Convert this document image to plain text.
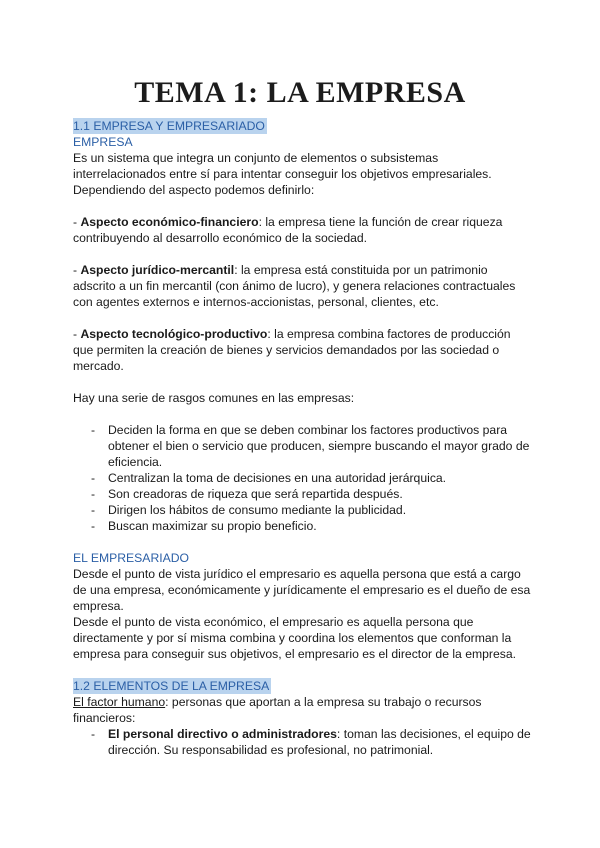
TEMA 1: LA EMPRESA
1.1 EMPRESA Y EMPRESARIADO

EMPRESA

Es un sistema que integra un conjunto de elementos o subsistemas interrelacionados entre sí para intentar conseguir los objetivos empresariales. Dependiendo del aspecto podemos definirlo:

- Aspecto económico-financiero: la empresa tiene la función de crear riqueza contribuyendo al desarrollo económico de la sociedad.

- Aspecto jurídico-mercantil: la empresa está constituida por un patrimonio adscrito a un fin mercantil (con ánimo de lucro), y genera relaciones contractuales con agentes externos e internos-accionistas, personal, clientes, etc.

- Aspecto tecnológico-productivo: la empresa combina factores de producción que permiten la creación de bienes y servicios demandados por las sociedad o mercado.

Hay una serie de rasgos comunes en las empresas:

- Deciden la forma en que se deben combinar los factores productivos para obtener el bien o servicio que producen, siempre buscando el mayor grado de eficiencia.
- Centralizan la toma de decisiones en una autoridad jerárquica.
- Son creadoras de riqueza que será repartida después.
- Dirigen los hábitos de consumo mediante la publicidad.
- Buscan maximizar su propio beneficio.

EL EMPRESARIADO

Desde el punto de vista jurídico el empresario es aquella persona que está a cargo de una empresa, económicamente y jurídicamente el empresario es el dueño de esa empresa.

Desde el punto de vista económico, el empresario es aquella persona que directamente y por sí misma combina y coordina los elementos que conforman la empresa para conseguir sus objetivos, el empresario es el director de la empresa.

1.2 ELEMENTOS DE LA EMPRESA

El factor humano: personas que aportan a la empresa su trabajo o recursos financieros:

- El personal directivo o administradores: toman las decisiones, el equipo de dirección. Su responsabilidad es profesional, no patrimonial.
